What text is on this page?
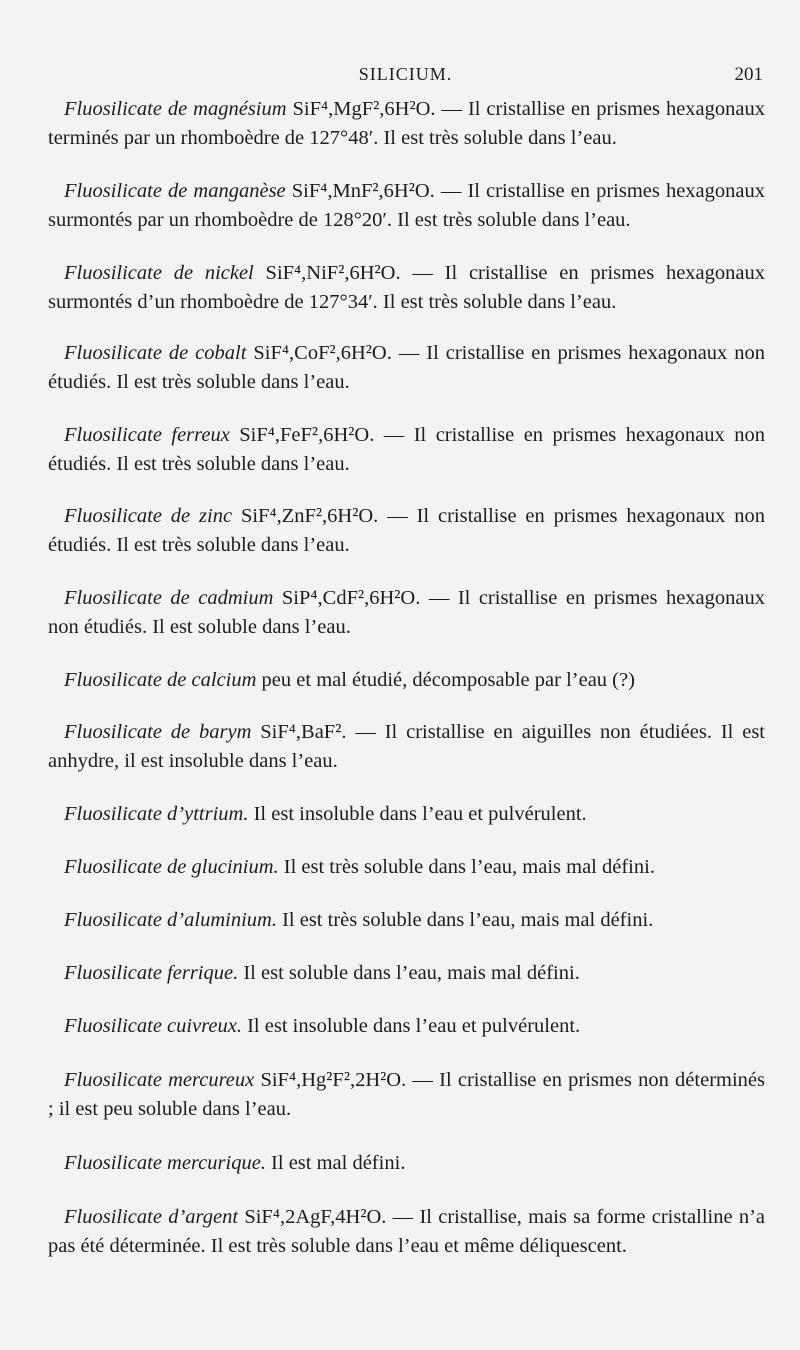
SILICIUM.	201

Fluosilicate de magnésium SiF⁴,MgF²,6H²O. — Il cristallise en prismes hexagonaux terminés par un rhomboèdre de 127°48′. Il est très soluble dans l’eau.

Fluosilicate de manganèse SiF⁴,MnF²,6H²O. — Il cristallise en prismes hexagonaux surmontés par un rhomboèdre de 128°20′. Il est très soluble dans l’eau.

Fluosilicate de nickel SiF⁴,NiF²,6H²O. — Il cristallise en prismes hexagonaux surmontés d’un rhomboèdre de 127°34′. Il est très soluble dans l’eau.

Fluosilicate de cobalt SiF⁴,CoF²,6H²O. — Il cristallise en prismes hexagonaux non étudiés. Il est très soluble dans l’eau.

Fluosilicate ferreux SiF⁴,FeF²,6H²O. — Il cristallise en prismes hexagonaux non étudiés. Il est très soluble dans l’eau.

Fluosilicate de zinc SiF⁴,ZnF²,6H²O. — Il cristallise en prismes hexagonaux non étudiés. Il est très soluble dans l’eau.

Fluosilicate de cadmium SiP⁴,CdF²,6H²O. — Il cristallise en prismes hexagonaux non étudiés. Il est soluble dans l’eau.

Fluosilicate de calcium peu et mal étudié, décomposable par l’eau (?)

Fluosilicate de barym SiF⁴,BaF². — Il cristallise en aiguilles non étudiées. Il est anhydre, il est insoluble dans l’eau.

Fluosilicate d’yttrium. Il est insoluble dans l’eau et pulvérulent.

Fluosilicate de glucinium. Il est très soluble dans l’eau, mais mal défini.

Fluosilicate d’aluminium. Il est très soluble dans l’eau, mais mal défini.

Fluosilicate ferrique. Il est soluble dans l’eau, mais mal défini.

Fluosilicate cuivreux. Il est insoluble dans l’eau et pulvérulent.

Fluosilicate mercureux SiF⁴,Hg²F²,2H²O. — Il cristallise en prismes non déterminés ; il est peu soluble dans l’eau.

Fluosilicate mercurique. Il est mal défini.

Fluosilicate d’argent SiF⁴,2AgF,4H²O. — Il cristallise, mais sa forme cristalline n’a pas été déterminée. Il est très soluble dans l’eau et même déliquescent.
